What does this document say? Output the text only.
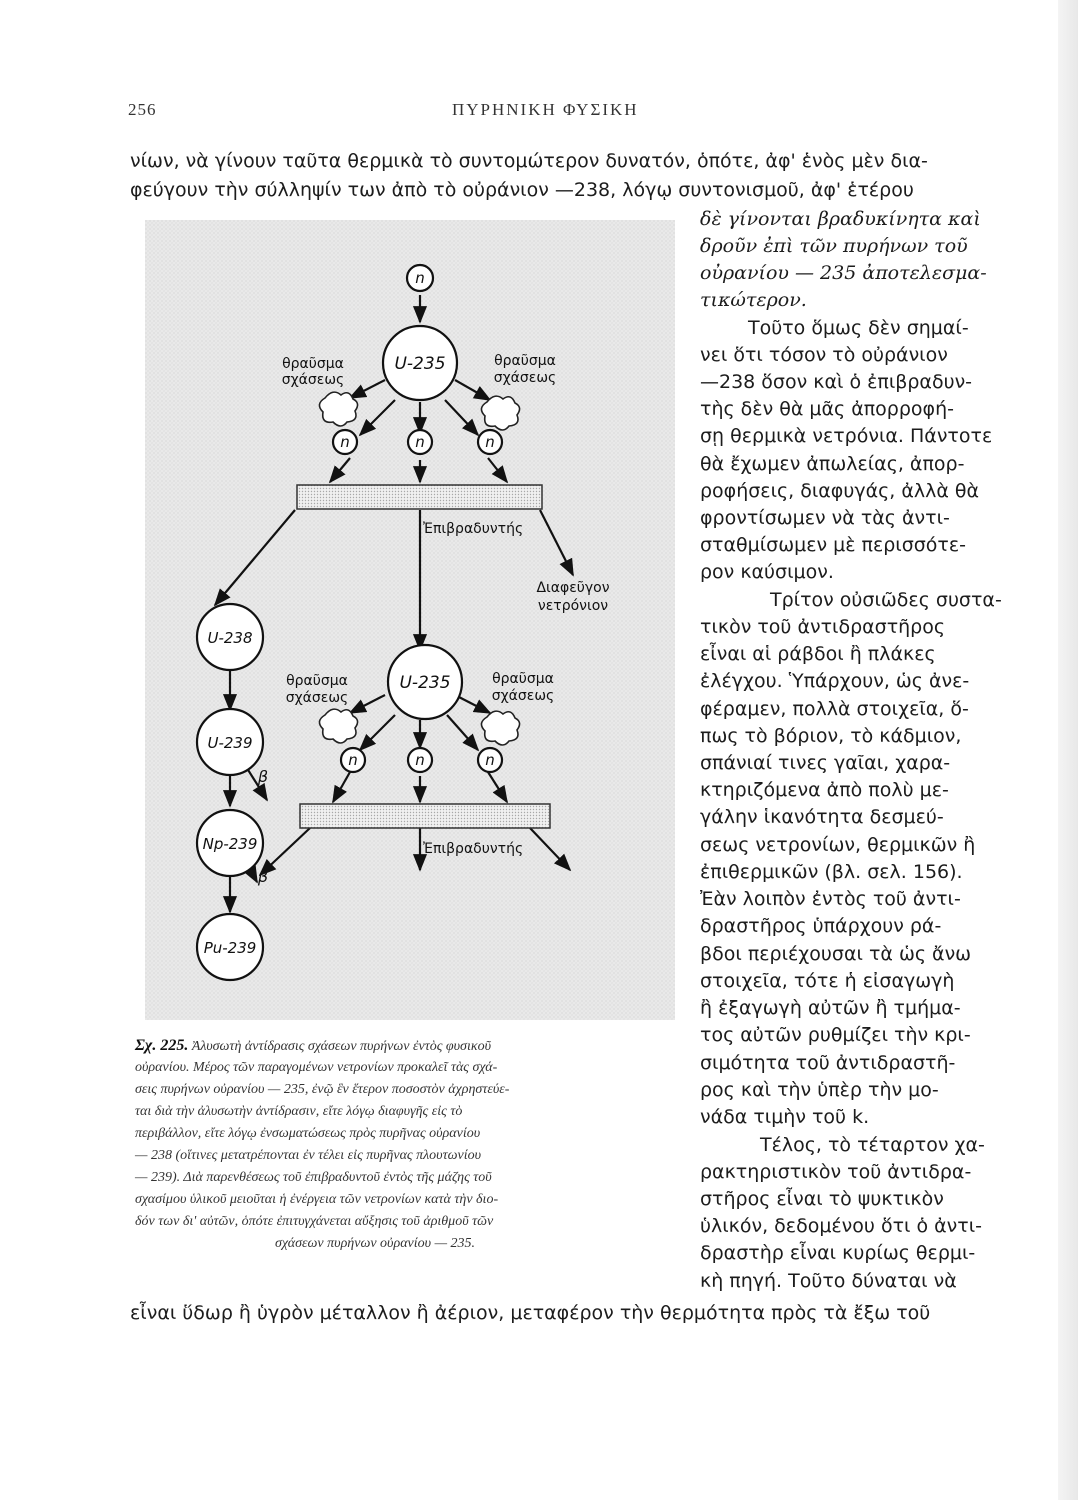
256	ΠΥΡΗΝΙΚΗ ΦΥΣΙΚΗ
νίων, νὰ γίνουν ταῦτα θερμικὰ τὸ συντομώτερον δυνατόν, ὁπότε, ἀφ' ἑνὸς μὲν δια-
φεύγουν τὴν σύλληψίν των ἀπὸ τὸ οὐράνιον —238, λόγῳ συντονισμοῦ, ἀφ' ἑτέρου
n
n	n	n
n	n	n
U-235
U-235
U-238
U-239
Np-239
Pu-239
β
β
θραῦσμα
σχάσεως
θραῦσμα
σχάσεως
θραῦσμα
σχάσεως
θραῦσμα
σχάσεως
Διαφεῦγον
νετρόνιον
Ἐπιβραδυντής
Ἐπιβραδυντής
δὲ γίνονται βραδυκίνητα καὶ
δροῦν ἐπὶ τῶν πυρήνων τοῦ
οὐρανίου — 235 ἀποτελεσμα-
τικώτερον.
Τοῦτο ὅμως δὲν σημαί-
νει ὅτι τόσον τὸ οὐράνιον
—238 ὅσον καὶ ὁ ἐπιβραδυν-
τὴς δὲν θὰ μᾶς ἀπορροφή-
σῃ θερμικὰ νετρόνια. Πάντοτε
θὰ ἔχωμεν ἀπωλείας, ἀπορ-
ροφήσεις, διαφυγάς, ἀλλὰ θὰ
φροντίσωμεν νὰ τὰς ἀντι-
σταθμίσωμεν μὲ περισσότε-
ρον καύσιμον.
Τρίτον οὐσιῶδες συστα-
τικὸν τοῦ ἀντιδραστῆρος
εἶναι αἱ ράβδοι ἢ πλάκες
ἐλέγχου. Ὑπάρχουν, ὡς ἀνε-
φέραμεν, πολλὰ στοιχεῖα, ὅ-
πως τὸ βόριον, τὸ κάδμιον,
σπάνιαί τινες γαῖαι, χαρα-
κτηριζόμενα ἀπὸ πολὺ με-
γάλην ἱκανότητα δεσμεύ-
σεως νετρονίων, θερμικῶν ἢ
ἐπιθερμικῶν (βλ. σελ. 156).
Ἐὰν λοιπὸν ἐντὸς τοῦ ἀντι-
δραστῆρος ὑπάρχουν ρά-
βδοι περιέχουσαι τὰ ὡς ἄνω
στοιχεῖα, τότε ἡ εἰσαγωγὴ
ἢ ἐξαγωγὴ αὐτῶν ἢ τμήμα-
τος αὐτῶν ρυθμίζει τὴν κρι-
σιμότητα τοῦ ἀντιδραστῆ-
ρος καὶ τὴν ὑπὲρ τὴν μο-
νάδα τιμὴν τοῦ k.
Τέλος, τὸ τέταρτον χα-
ρακτηριστικὸν τοῦ ἀντιδρα-
στῆρος εἶναι τὸ ψυκτικὸν
ὑλικόν, δεδομένου ὅτι ὁ ἀντι-
δραστὴρ εἶναι κυρίως θερμι-
κὴ πηγή. Τοῦτο δύναται νὰ
Σχ. 225. Ἀλυσωτὴ ἀντίδρασις σχάσεων πυρήνων ἐντὸς φυσικοῦ
οὐρανίου. Μέρος τῶν παραγομένων νετρονίων προκαλεῖ τὰς σχά-
σεις πυρήνων οὐρανίου — 235, ἐνῷ ἓν ἕτερον ποσοστὸν ἀχρηστεύε-
ται διὰ τὴν ἀλυσωτὴν ἀντίδρασιν, εἴτε λόγῳ διαφυγῆς εἰς τὸ
περιβάλλον, εἴτε λόγῳ ἐνσωματώσεως πρὸς πυρῆνας οὐρανίου
— 238 (οἵτινες μετατρέπονται ἐν τέλει εἰς πυρῆνας πλουτωνίου
— 239). Διὰ παρενθέσεως τοῦ ἐπιβραδυντοῦ ἐντὸς τῆς μάζης τοῦ
σχασίμου ὑλικοῦ μειοῦται ἡ ἐνέργεια τῶν νετρονίων κατὰ τὴν διο-
δόν των δι' αὐτῶν, ὁπότε ἐπιτυγχάνεται αὔξησις τοῦ ἀριθμοῦ τῶν
σχάσεων πυρήνων οὐρανίου — 235.
εἶναι ὕδωρ ἢ ὑγρὸν μέταλλον ἢ ἀέριον, μεταφέρον τὴν θερμότητα πρὸς τὰ ἔξω τοῦ
